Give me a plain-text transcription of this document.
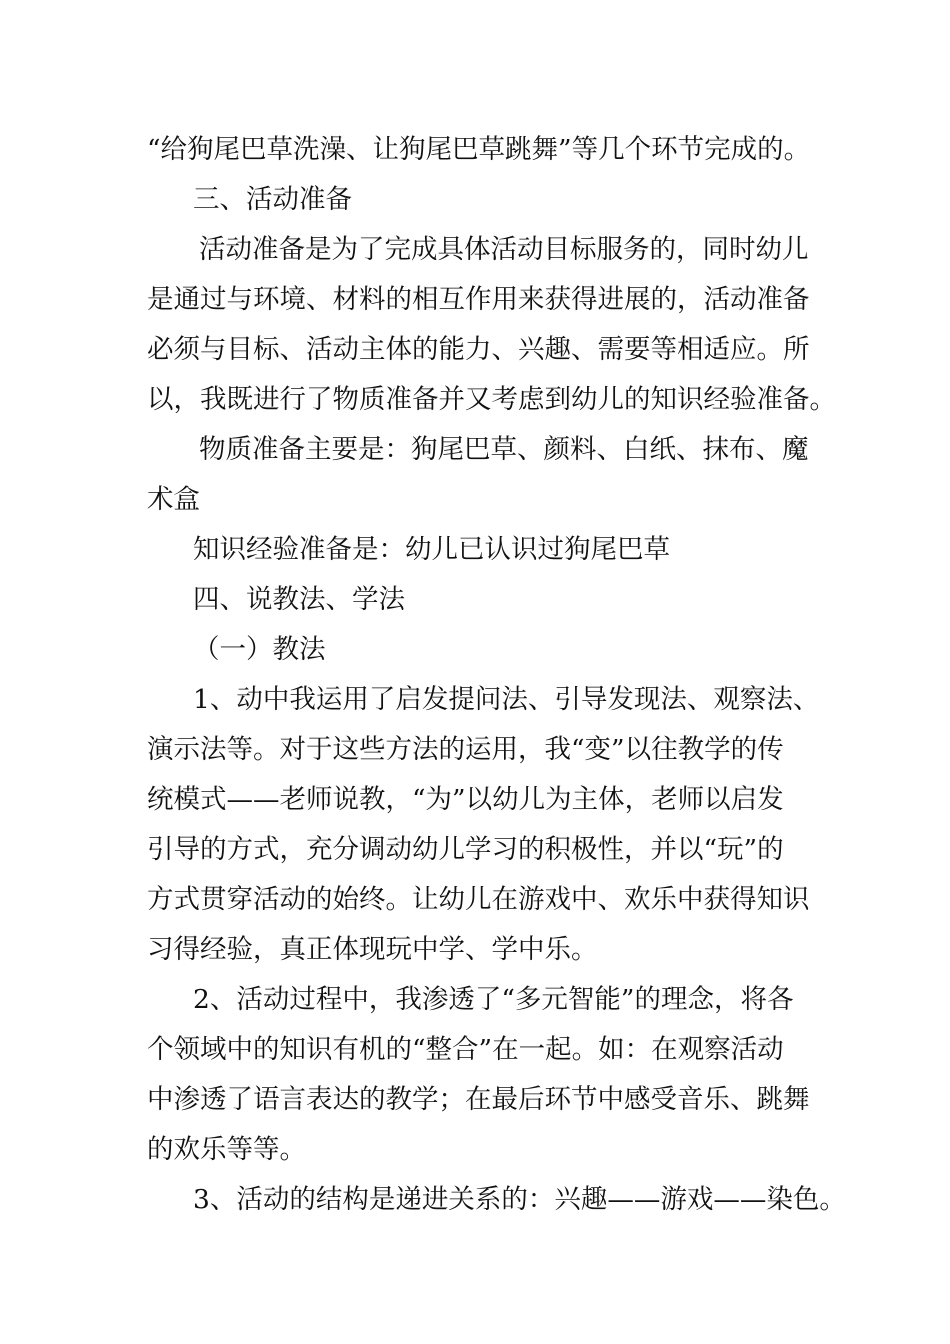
“给狗尾巴草洗澡、让狗尾巴草跳舞”等几个环节完成的。
三、活动准备
活动准备是为了完成具体活动目标服务的，同时幼儿
是通过与环境、材料的相互作用来获得进展的，活动准备
必须与目标、活动主体的能力、兴趣、需要等相适应。所
以，我既进行了物质准备并又考虑到幼儿的知识经验准备。
物质准备主要是：狗尾巴草、颜料、白纸、抹布、魔
术盒
知识经验准备是：幼儿已认识过狗尾巴草
四、说教法、学法
（一）教法
1、动中我运用了启发提问法、引导发现法、观察法、
演示法等。对于这些方法的运用，我“变”以往教学的传
统模式——老师说教，“为”以幼儿为主体，老师以启发
引导的方式，充分调动幼儿学习的积极性，并以“玩”的
方式贯穿活动的始终。让幼儿在游戏中、欢乐中获得知识
习得经验，真正体现玩中学、学中乐。
2、活动过程中，我渗透了“多元智能”的理念，将各
个领域中的知识有机的“整合”在一起。如：在观察活动
中渗透了语言表达的教学；在最后环节中感受音乐、跳舞
的欢乐等等。
3、活动的结构是递进关系的：兴趣——游戏——染色。
